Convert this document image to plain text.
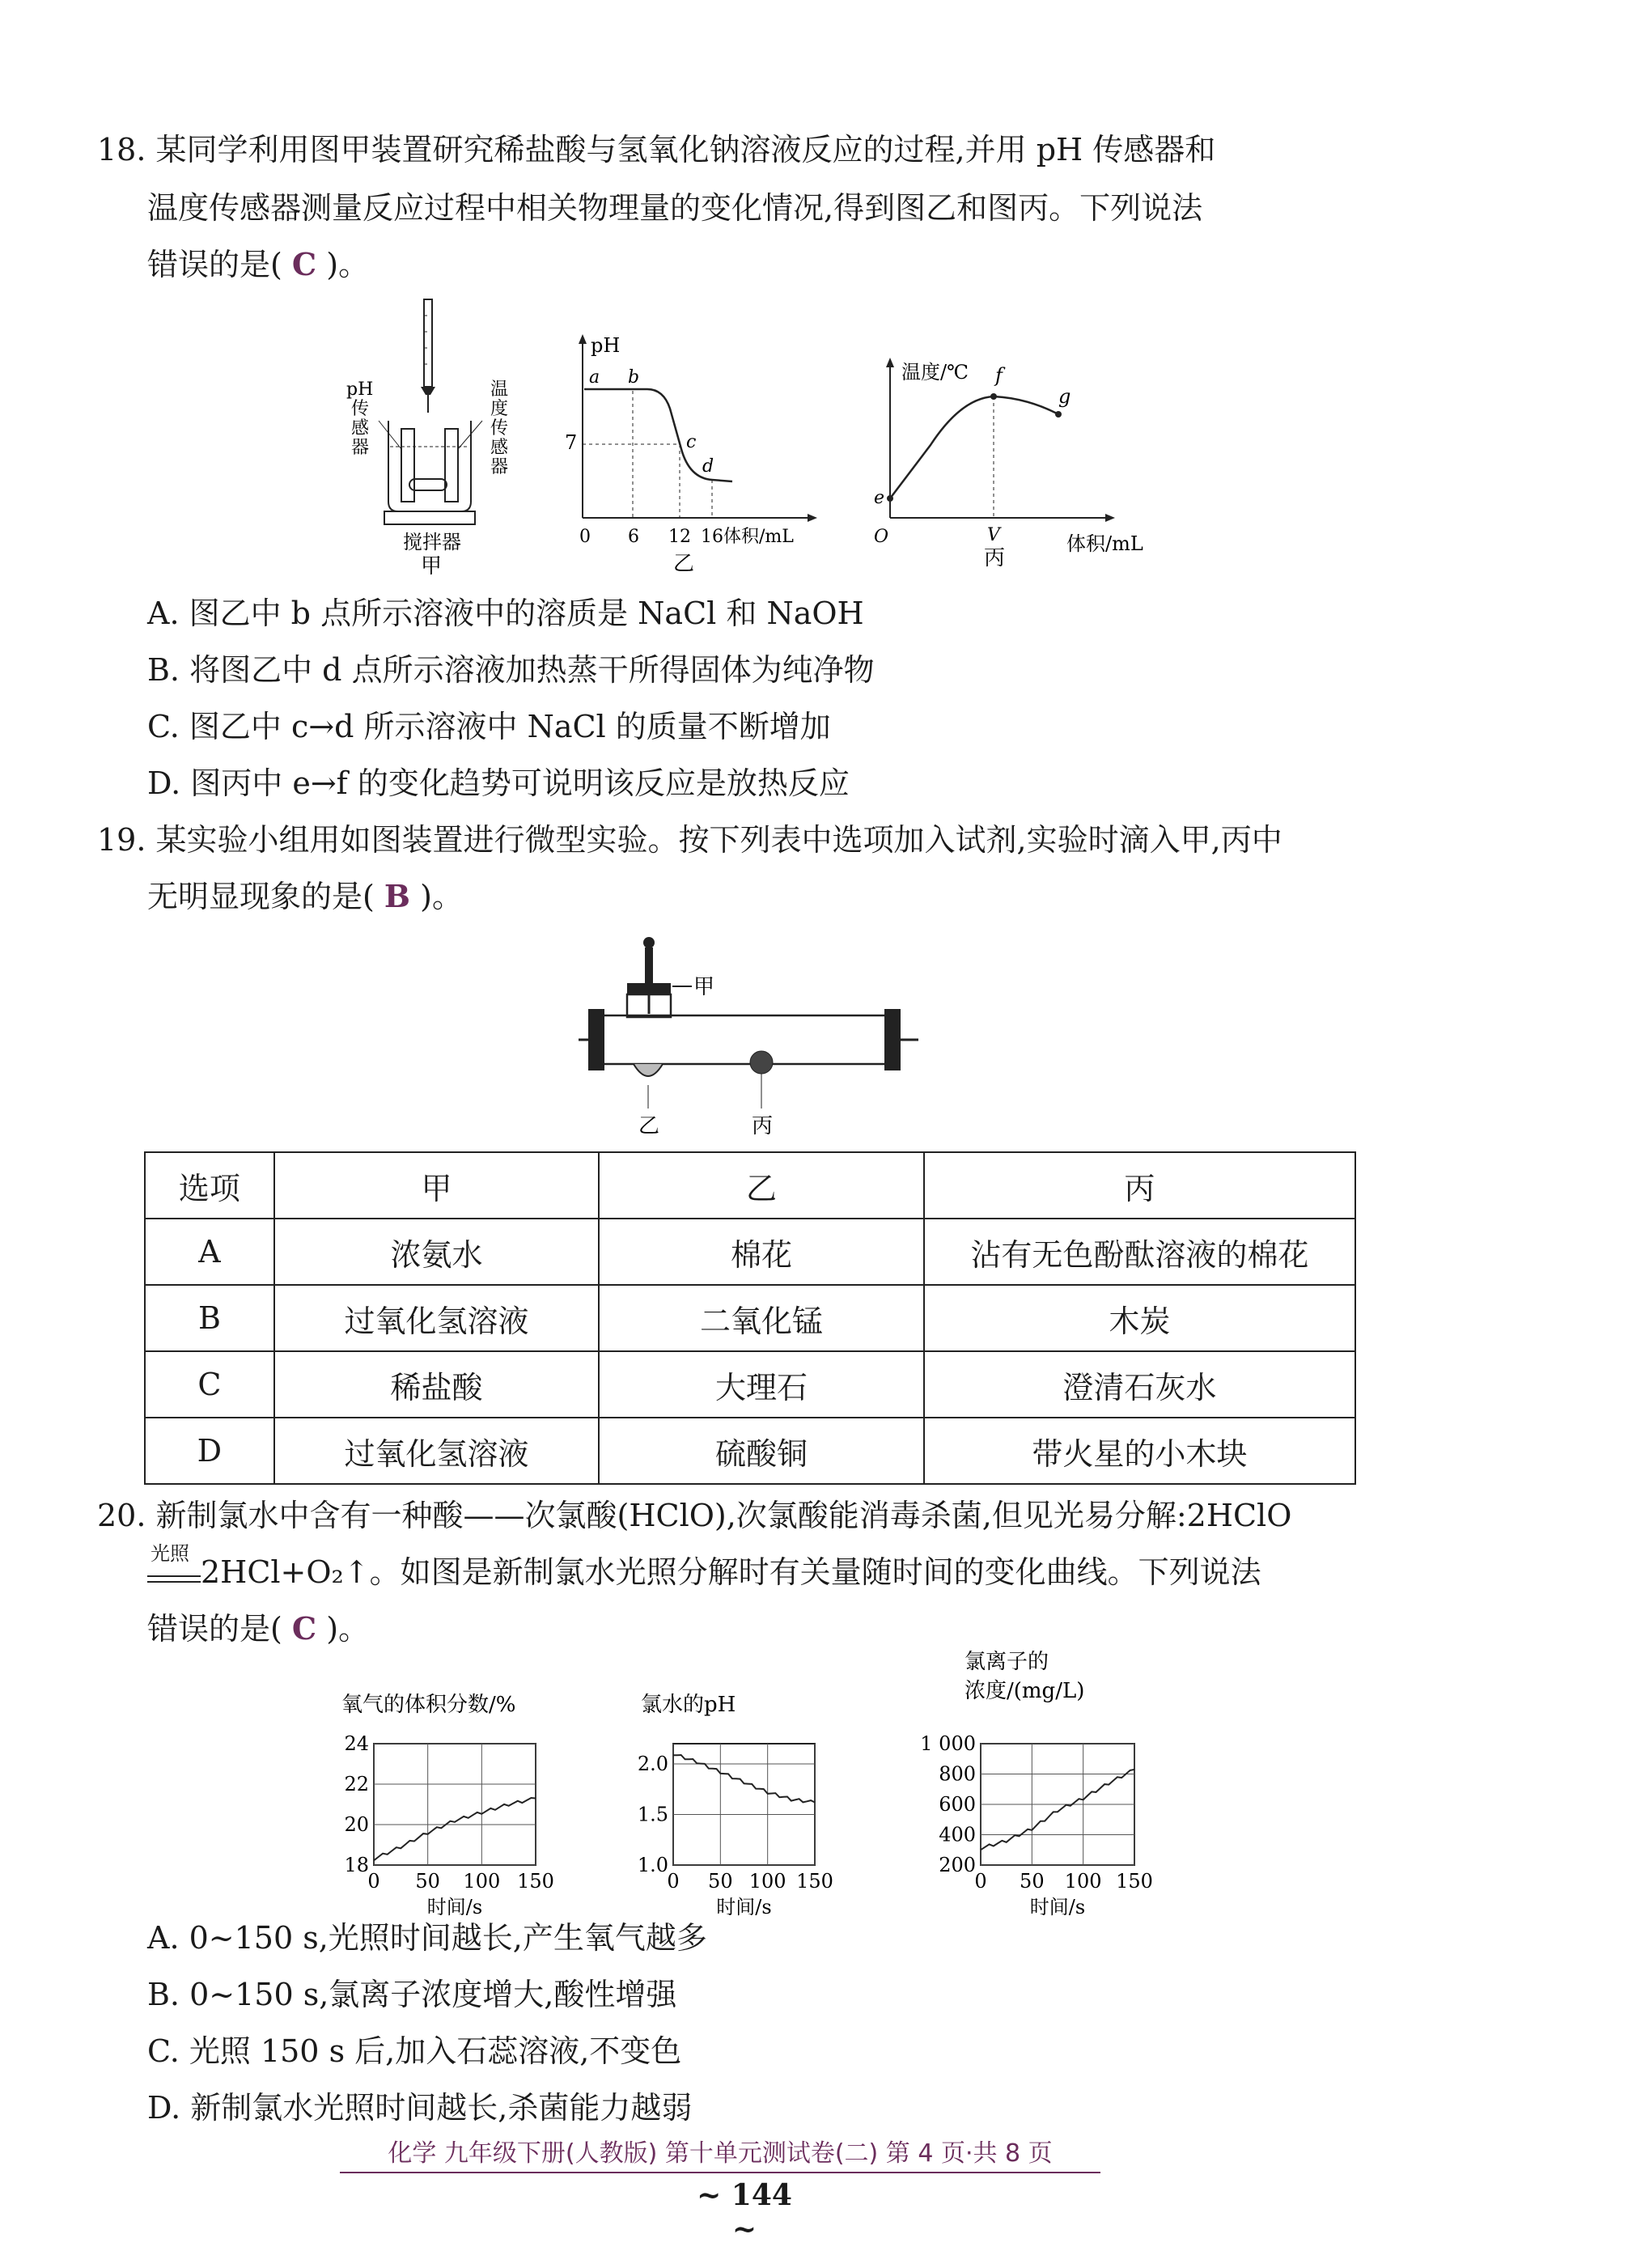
18. 某同学利用图甲装置研究稀盐酸与氢氧化钠溶液反应的过程,并用 pH 传感器和
温度传感器测量反应过程中相关物理量的变化情况,得到图乙和图丙。下列说法
错误的是( C )。
pH
传
感
器
温
度
传
感
器
搅拌器
甲
pH
7
a b
c
d
0 6 12 16 体积/mL
乙
温度/℃
e
f
g
O	V	体积/mL
丙
A. 图乙中 b 点所示溶液中的溶质是 NaCl 和 NaOH
B. 将图乙中 d 点所示溶液加热蒸干所得固体为纯净物
C. 图乙中 c→d 所示溶液中 NaCl 的质量不断增加
D. 图丙中 e→f 的变化趋势可说明该反应是放热反应
19. 某实验小组用如图装置进行微型实验。按下列表中选项加入试剂,实验时滴入甲,丙中
无明显现象的是( B )。
甲
乙	丙
选项	甲	乙	丙
A	浓氨水	棉花	沾有无色酚酞溶液的棉花
B	过氧化氢溶液	二氧化锰	木炭
C	稀盐酸	大理石	澄清石灰水
D	过氧化氢溶液	硫酸铜	带火星的小木块
20. 新制氯水中含有一种酸——次氯酸(HClO),次氯酸能消毒杀菌,但见光易分解:2HClO
光照
2HCl+O₂↑。如图是新制氯水光照分解时有关量随时间的变化曲线。下列说法
错误的是( C )。
氧气的体积分数/%
0 50 100 150
18
20
22
24
时间/s
氯水的pH
0 50 100 150
1.0
1.5
2.0
时间/s
氯离子的
浓度/(mg/L)
0 50 100 150
200
400
600
800
1 000
时间/s
A. 0~150 s,光照时间越长,产生氧气越多
B. 0~150 s,氯离子浓度增大,酸性增强
C. 光照 150 s 后,加入石蕊溶液,不变色
D. 新制氯水光照时间越长,杀菌能力越弱
化学 九年级下册(人教版) 第十单元测试卷(二) 第 4 页·共 8 页
~ 144 ~
